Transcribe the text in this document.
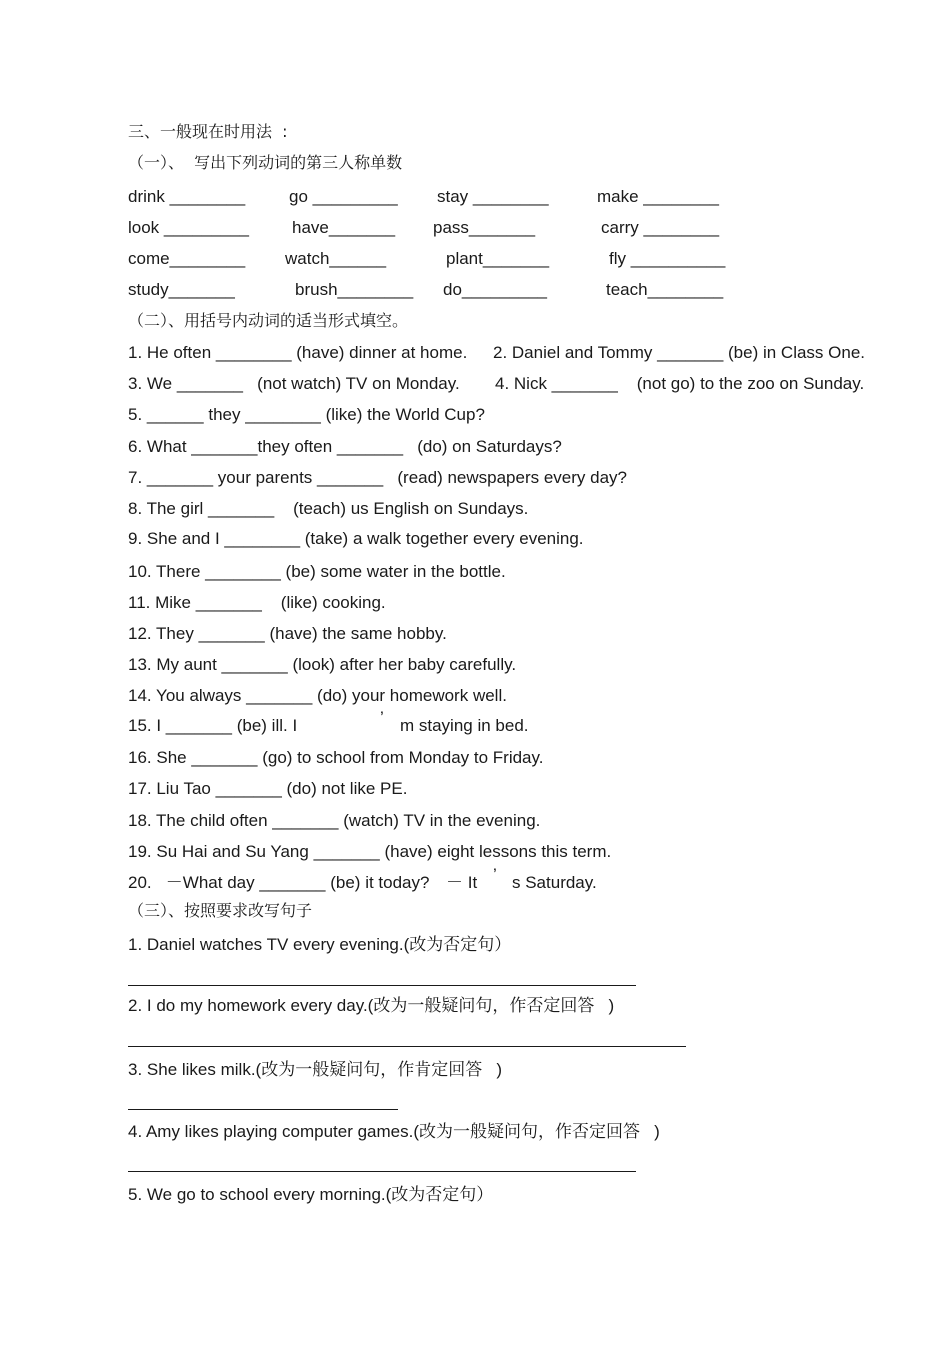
三、一般现在时用法  :
（一）、  写出下列动词的第三人称单数
drink ________	go _________ stay ________	make ________
look _________	have_______ pass_______	carry ________
come________ watch______	plant_______	fly __________
study_______	brush________ do_________	teach________
（二）、用括号内动词的适当形式填空。
1. He often ________ (have) dinner at home. 2. Daniel and Tommy _______ (be) in Class One.
3. We _______   (not watch) TV on Monday. 4. Nick _______    (not go) to the zoo on Sunday.
5. ______ they ________ (like) the World Cup?
6. What _______they often _______   (do) on Saturdays?
7. _______ your parents _______   (read) newspapers every day?
8. The girl _______    (teach) us English on Sundays.
9. She and I ________ (take) a walk together every evening.
10. There ________ (be) some water in the bottle.
11. Mike _______    (like) cooking.
12. They _______ (have) the same hobby.
13. My aunt _______ (look) after her baby carefully.
14. You always _______ (do) your homework well.
15. I _______ (be) ill. I	’ m staying in bed.
16. She _______ (go) to school from Monday to Friday.
17. Liu Tao _______ (do) not like PE.
18. The child often _______ (watch) TV in the evening.
19. Su Hai and Su Yang _______ (have) eight lessons this term.
20.   －What day _______ (be) it today? － It ’ s Saturday.
（三）、按照要求改写句子
1. Daniel watches TV every evening.(改为否定句）
2. I do my homework every day.(改为一般疑问句，作否定回答   )
3. She likes milk.(改为一般疑问句，作肯定回答   )
4. Amy likes playing computer games.(改为一般疑问句，作否定回答   )
5. We go to school every morning.(改为否定句）
